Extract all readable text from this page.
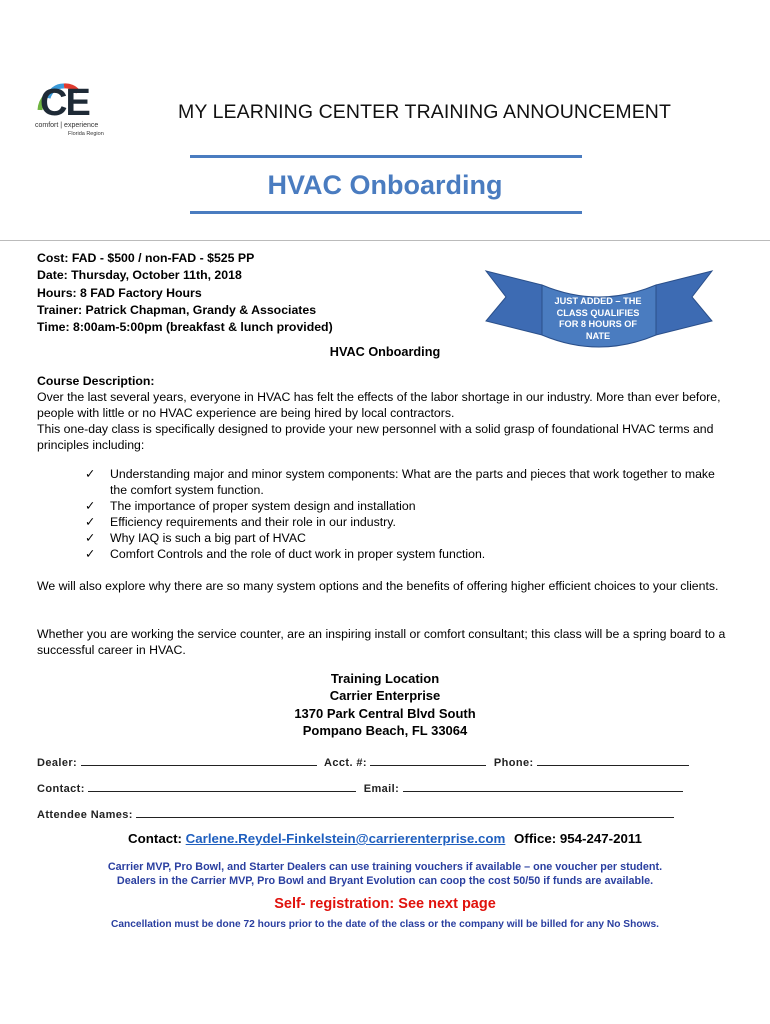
CE
comfort | experience
Florida Region
MY LEARNING CENTER TRAINING ANNOUNCEMENT
HVAC Onboarding
Cost: FAD - $500 / non-FAD - $525 PP
Date: Thursday, October 11th, 2018
Hours: 8 FAD Factory Hours
Trainer: Patrick Chapman, Grandy & Associates
Time: 8:00am-5:00pm (breakfast & lunch provided)
JUST ADDED – THE CLASS QUALIFIES FOR 8 HOURS OF NATE
HVAC Onboarding
Course Description:
Over the last several years, everyone in HVAC has felt the effects of the labor shortage in our industry. More than ever before, people with little or no HVAC experience are being hired by local contractors.
This one-day class is specifically designed to provide your new personnel with a solid grasp of foundational HVAC terms and principles including:
✓ Understanding major and minor system components: What are the parts and pieces that work together to make the comfort system function.
✓ The importance of proper system design and installation
✓ Efficiency requirements and their role in our industry.
✓ Why IAQ is such a big part of HVAC
✓ Comfort Controls and the role of duct work in proper system function.
We will also explore why there are so many system options and the benefits of offering higher efficient choices to your clients.
Whether you are working the service counter, are an inspiring install or comfort consultant; this class will be a spring board to a successful career in HVAC.
Training Location
Carrier Enterprise
1370 Park Central Blvd South
Pompano Beach, FL 33064
Dealer:	Acct. #:	Phone:
Contact:	Email:
Attendee Names:
Contact: Carlene.Reydel-Finkelstein@carrierenterprise.com Office: 954-247-2011
Carrier MVP, Pro Bowl, and Starter Dealers can use training vouchers if available – one voucher per student.
Dealers in the Carrier MVP, Pro Bowl and Bryant Evolution can coop the cost 50/50 if funds are available.
Self- registration: See next page
Cancellation must be done 72 hours prior to the date of the class or the company will be billed for any No Shows.
